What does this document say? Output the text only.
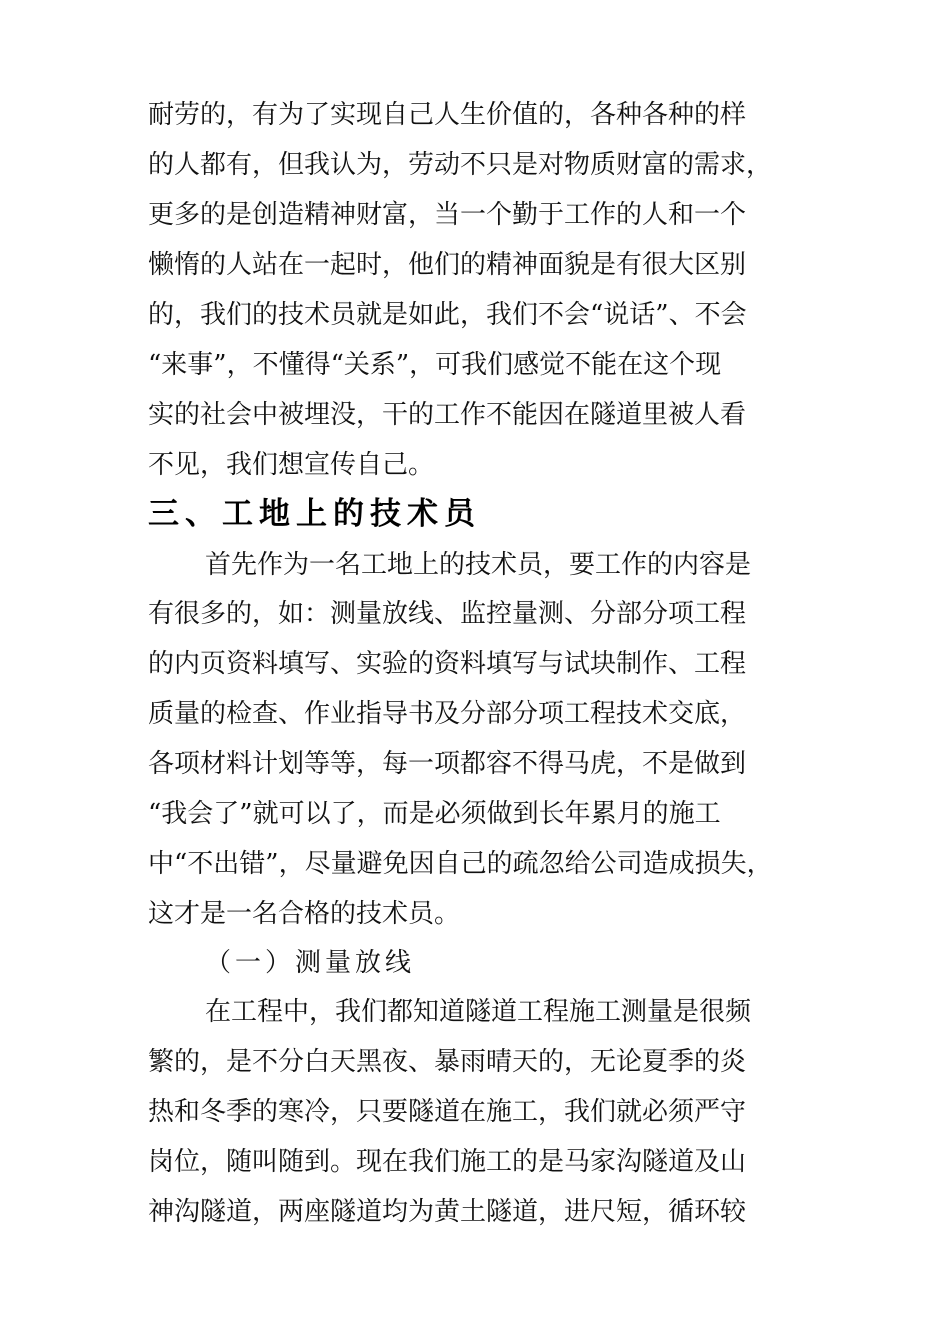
耐劳的，有为了实现自己人生价值的，各种各种的样
的人都有，但我认为，劳动不只是对物质财富的需求，
更多的是创造精神财富，当一个勤于工作的人和一个
懒惰的人站在一起时，他们的精神面貌是有很大区别
的，我们的技术员就是如此，我们不会“说话”、不会
“来事”，不懂得“关系”，可我们感觉不能在这个现
实的社会中被埋没，干的工作不能因在隧道里被人看
不见，我们想宣传自己。
三、工地上的技术员
首先作为一名工地上的技术员，要工作的内容是
有很多的，如：测量放线、监控量测、分部分项工程
的内页资料填写、实验的资料填写与试块制作、工程
质量的检查、作业指导书及分部分项工程技术交底，
各项材料计划等等，每一项都容不得马虎，不是做到
“我会了”就可以了，而是必须做到长年累月的施工
中“不出错”，尽量避免因自己的疏忽给公司造成损失，
这才是一名合格的技术员。
（一）测量放线
在工程中，我们都知道隧道工程施工测量是很频
繁的，是不分白天黑夜、暴雨晴天的，无论夏季的炎
热和冬季的寒冷，只要隧道在施工，我们就必须严守
岗位，随叫随到。现在我们施工的是马家沟隧道及山
神沟隧道，两座隧道均为黄土隧道，进尺短，循环较
